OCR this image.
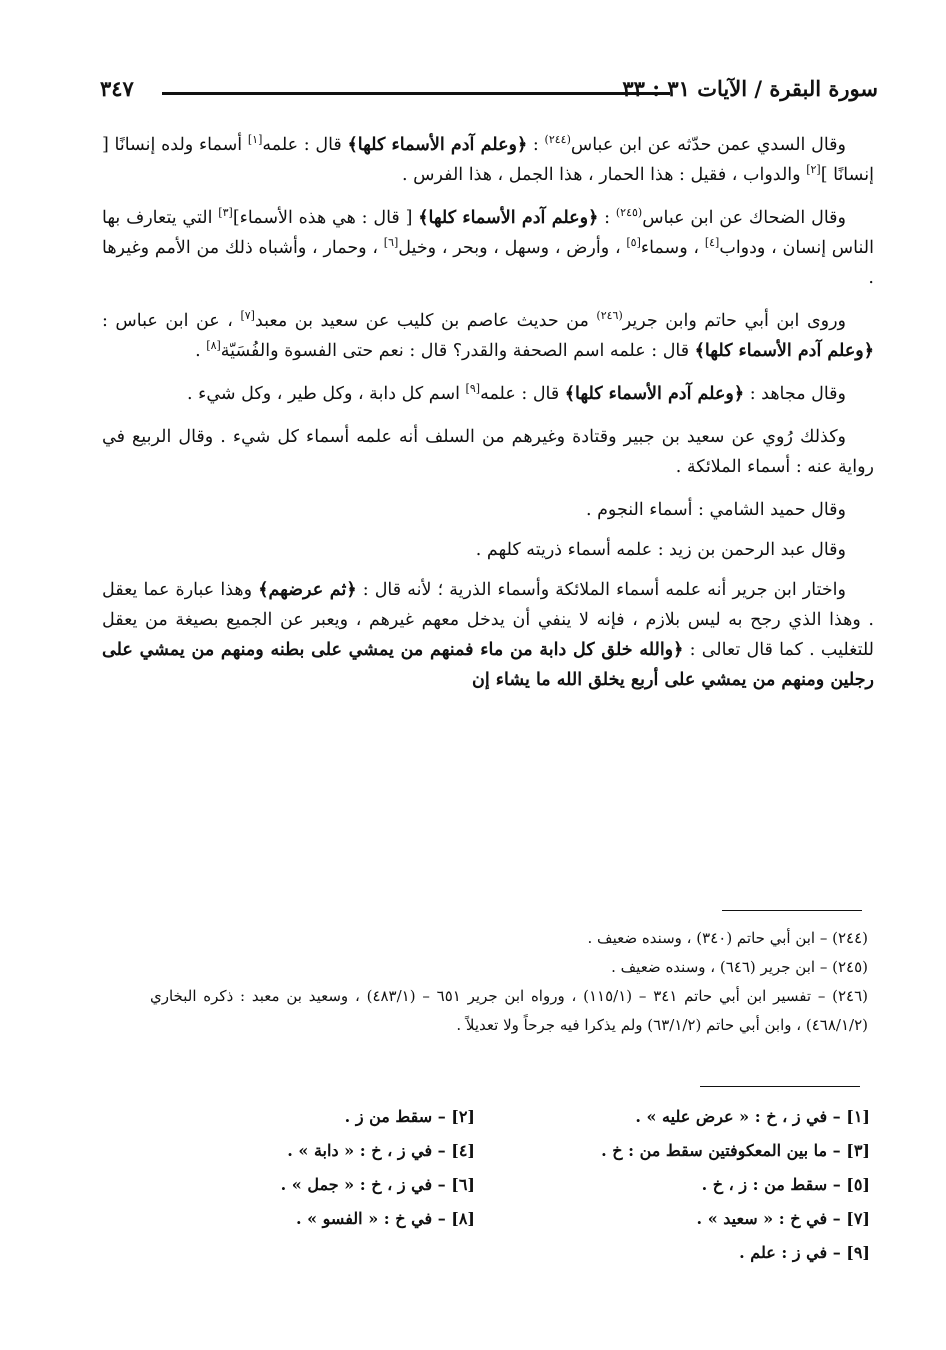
سورة البقرة / الآيات ٣١ : ٣٣
٣٤٧

وقال السدي عمن حدّثه عن ابن عباس$^{(٢٤٤)}$ : ﴿وعلم آدم الأسماء كلها﴾ قال : علمه[١] أسماء ولده إنسانًا [ إنسانًا ][٢] والدواب ، فقيل : هذا الحمار ، هذا الجمل ، هذا الفرس .

وقال الضحاك عن ابن عباس$^{(٢٤٥)}$ : ﴿وعلم آدم الأسماء كلها﴾ [ قال : هي هذه الأسماء][٣] التي يتعارف بها الناس إنسان ، ودواب[٤] ، وسماء[٥] ، وأرض ، وسهل ، وبحر ، وخيل[٦] ، وحمار ، وأشباه ذلك من الأمم وغيرها .

وروى ابن أبي حاتم وابن جرير$^{(٢٤٦)}$ من حديث عاصم بن كليب عن سعيد بن معبد[٧] ، عن ابن عباس : ﴿وعلم آدم الأسماء كلها﴾ قال : علمه اسم الصحفة والقدر؟ قال : نعم حتى الفسوة والفُسَيّة[٨] .

وقال مجاهد : ﴿وعلم آدم الأسماء كلها﴾ قال : علمه[٩] اسم كل دابة ، وكل طير ، وكل شيء .

وكذلك رُوي عن سعيد بن جبير وقتادة وغيرهم من السلف أنه علمه أسماء كل شيء . وقال الربيع في رواية عنه : أسماء الملائكة .

وقال حميد الشامي : أسماء النجوم .

وقال عبد الرحمن بن زيد : علمه أسماء ذريته كلهم .

واختار ابن جرير أنه علمه أسماء الملائكة وأسماء الذرية ؛ لأنه قال : ﴿ثم عرضهم﴾ وهذا عبارة عما يعقل . وهذا الذي رجح به ليس بلازم ، فإنه لا ينفي أن يدخل معهم غيرهم ، ويعبر عن الجميع بصيغة من يعقل للتغليب . كما قال تعالى : ﴿والله خلق كل دابة من ماء فمنهم من يمشي على بطنه ومنهم من يمشي على رجلين ومنهم من يمشي على أربع يخلق الله ما يشاء إن

(٢٤٤) – ابن أبي حاتم (٣٤٠) ، وسنده ضعيف .

(٢٤٥) – ابن جرير (٦٤٦) ، وسنده ضعيف .

(٢٤٦) – تفسير ابن أبي حاتم ٣٤١ – (١١٥/١) ، ورواه ابن جرير ٦٥١ – (٤٨٣/١) ، وسعيد بن معبد : ذكره البخاري (٤٦٨/١/٢) ، وابن أبي حاتم (٦٣/١/٢) ولم يذكرا فيه جرحاً ولا تعديلاً .

[١] – في ز ، خ : « عرض عليه » .
[٣] – ما بين المعكوفتين سقط من : خ .
[٥] – سقط من : ز ، خ .
[٧] – في خ : « سعيد » .
[٩] – في ز : علم .
[٢] – سقط من ز .
[٤] – في ز ، خ : « دابة » .
[٦] – في ز ، خ : « جمل » .
[٨] – في خ : « الفسو » .
